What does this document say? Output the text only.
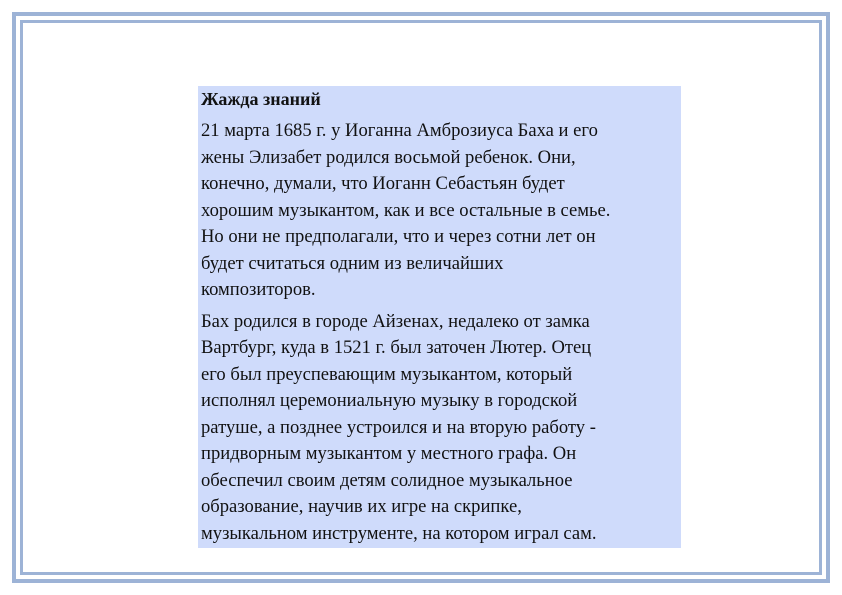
Жажда знаний
21 марта 1685 г. у Иоганна Амброзиуса Баха и его
жены Элизабет родился восьмой ребенок. Они,
конечно, думали, что Иоганн Себастьян будет
хорошим музыкантом, как и все остальные в семье.
Но они не предполагали, что и через сотни лет он
будет считаться одним из величайших
композиторов.
Бах родился в городе Айзенах, недалеко от замка
Вартбург, куда в 1521 г. был заточен Лютер. Отец
его был преуспевающим музыкантом, который
исполнял церемониальную музыку в городской
ратуше, а позднее устроился и на вторую работу -
придворным музыкантом у местного графа. Он
обеспечил своим детям солидное музыкальное
образование, научив их игре на скрипке,
музыкальном инструменте, на котором играл сам.
